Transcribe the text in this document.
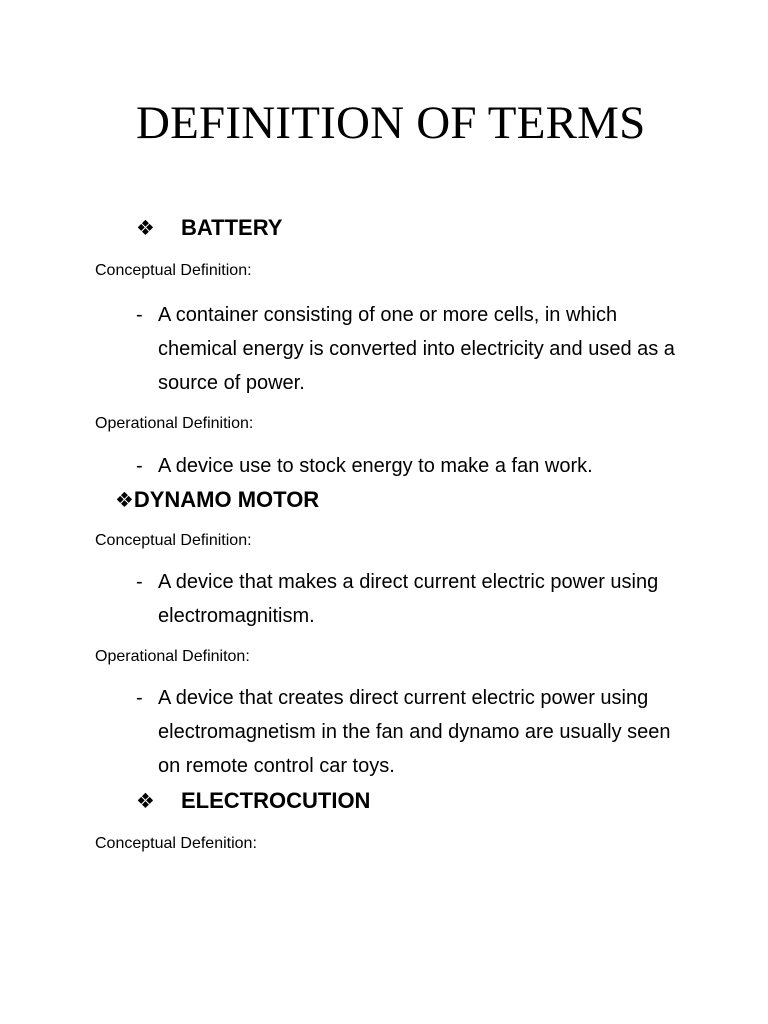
DEFINITION OF TERMS
❖ BATTERY
Conceptual Definition:
- A container consisting of one or more cells, in which chemical energy is converted into electricity and used as a source of power.
Operational Definition:
- A device use to stock energy to make a fan work.
❖DYNAMO MOTOR
Conceptual Definition:
- A device that makes a direct current electric power using electromagnitism.
Operational Definiton:
- A device that creates direct current electric power using electromagnetism in the fan and dynamo are usually seen on remote control car toys.
❖ ELECTROCUTION
Conceptual Defenition:
